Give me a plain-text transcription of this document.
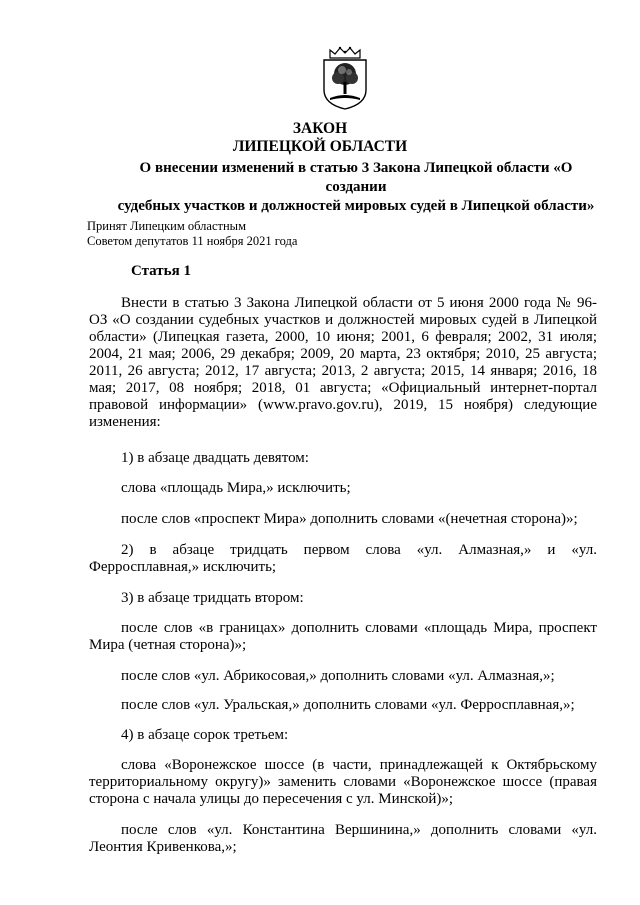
ЗАКОН
ЛИПЕЦКОЙ ОБЛАСТИ
О внесении изменений в статью 3 Закона Липецкой области «О создании
судебных участков и должностей мировых судей в Липецкой области»
Принят Липецким областным
Советом депутатов 11 ноября 2021 года
Статья 1
Внести в статью 3 Закона Липецкой области от 5 июня 2000 года № 96-
ОЗ «О создании судебных участков и должностей мировых судей в Липецкой
области» (Липецкая газета, 2000, 10 июня; 2001, 6 февраля; 2002, 31 июля;
2004, 21 мая; 2006, 29 декабря; 2009, 20 марта, 23 октября; 2010, 25 августа;
2011, 26 августа; 2012, 17 августа; 2013, 2 августа; 2015, 14 января; 2016, 18
мая; 2017, 08 ноября; 2018, 01 августа; «Официальный интернет-портал
правовой информации» (www.pravo.gov.ru), 2019, 15 ноября) следующие
изменения:
1) в абзаце двадцать девятом:
слова «площадь Мира,» исключить;
после слов «проспект Мира» дополнить словами «(нечетная сторона)»;
2) в абзаце тридцать первом слова «ул. Алмазная,» и «ул.
Ферросплавная,» исключить;
3) в абзаце тридцать втором:
после слов «в границах» дополнить словами «площадь Мира, проспект
Мира (четная сторона)»;
после слов «ул. Абрикосовая,» дополнить словами «ул. Алмазная,»;
после слов «ул. Уральская,» дополнить словами «ул. Ферросплавная,»;
4) в абзаце сорок третьем:
слова «Воронежское шоссе (в части, принадлежащей к Октябрьскому
территориальному округу)» заменить словами «Воронежское шоссе (правая
сторона с начала улицы до пересечения с ул. Минской)»;
после слов «ул. Константина Вершинина,» дополнить словами «ул.
Леонтия Кривенкова,»;
